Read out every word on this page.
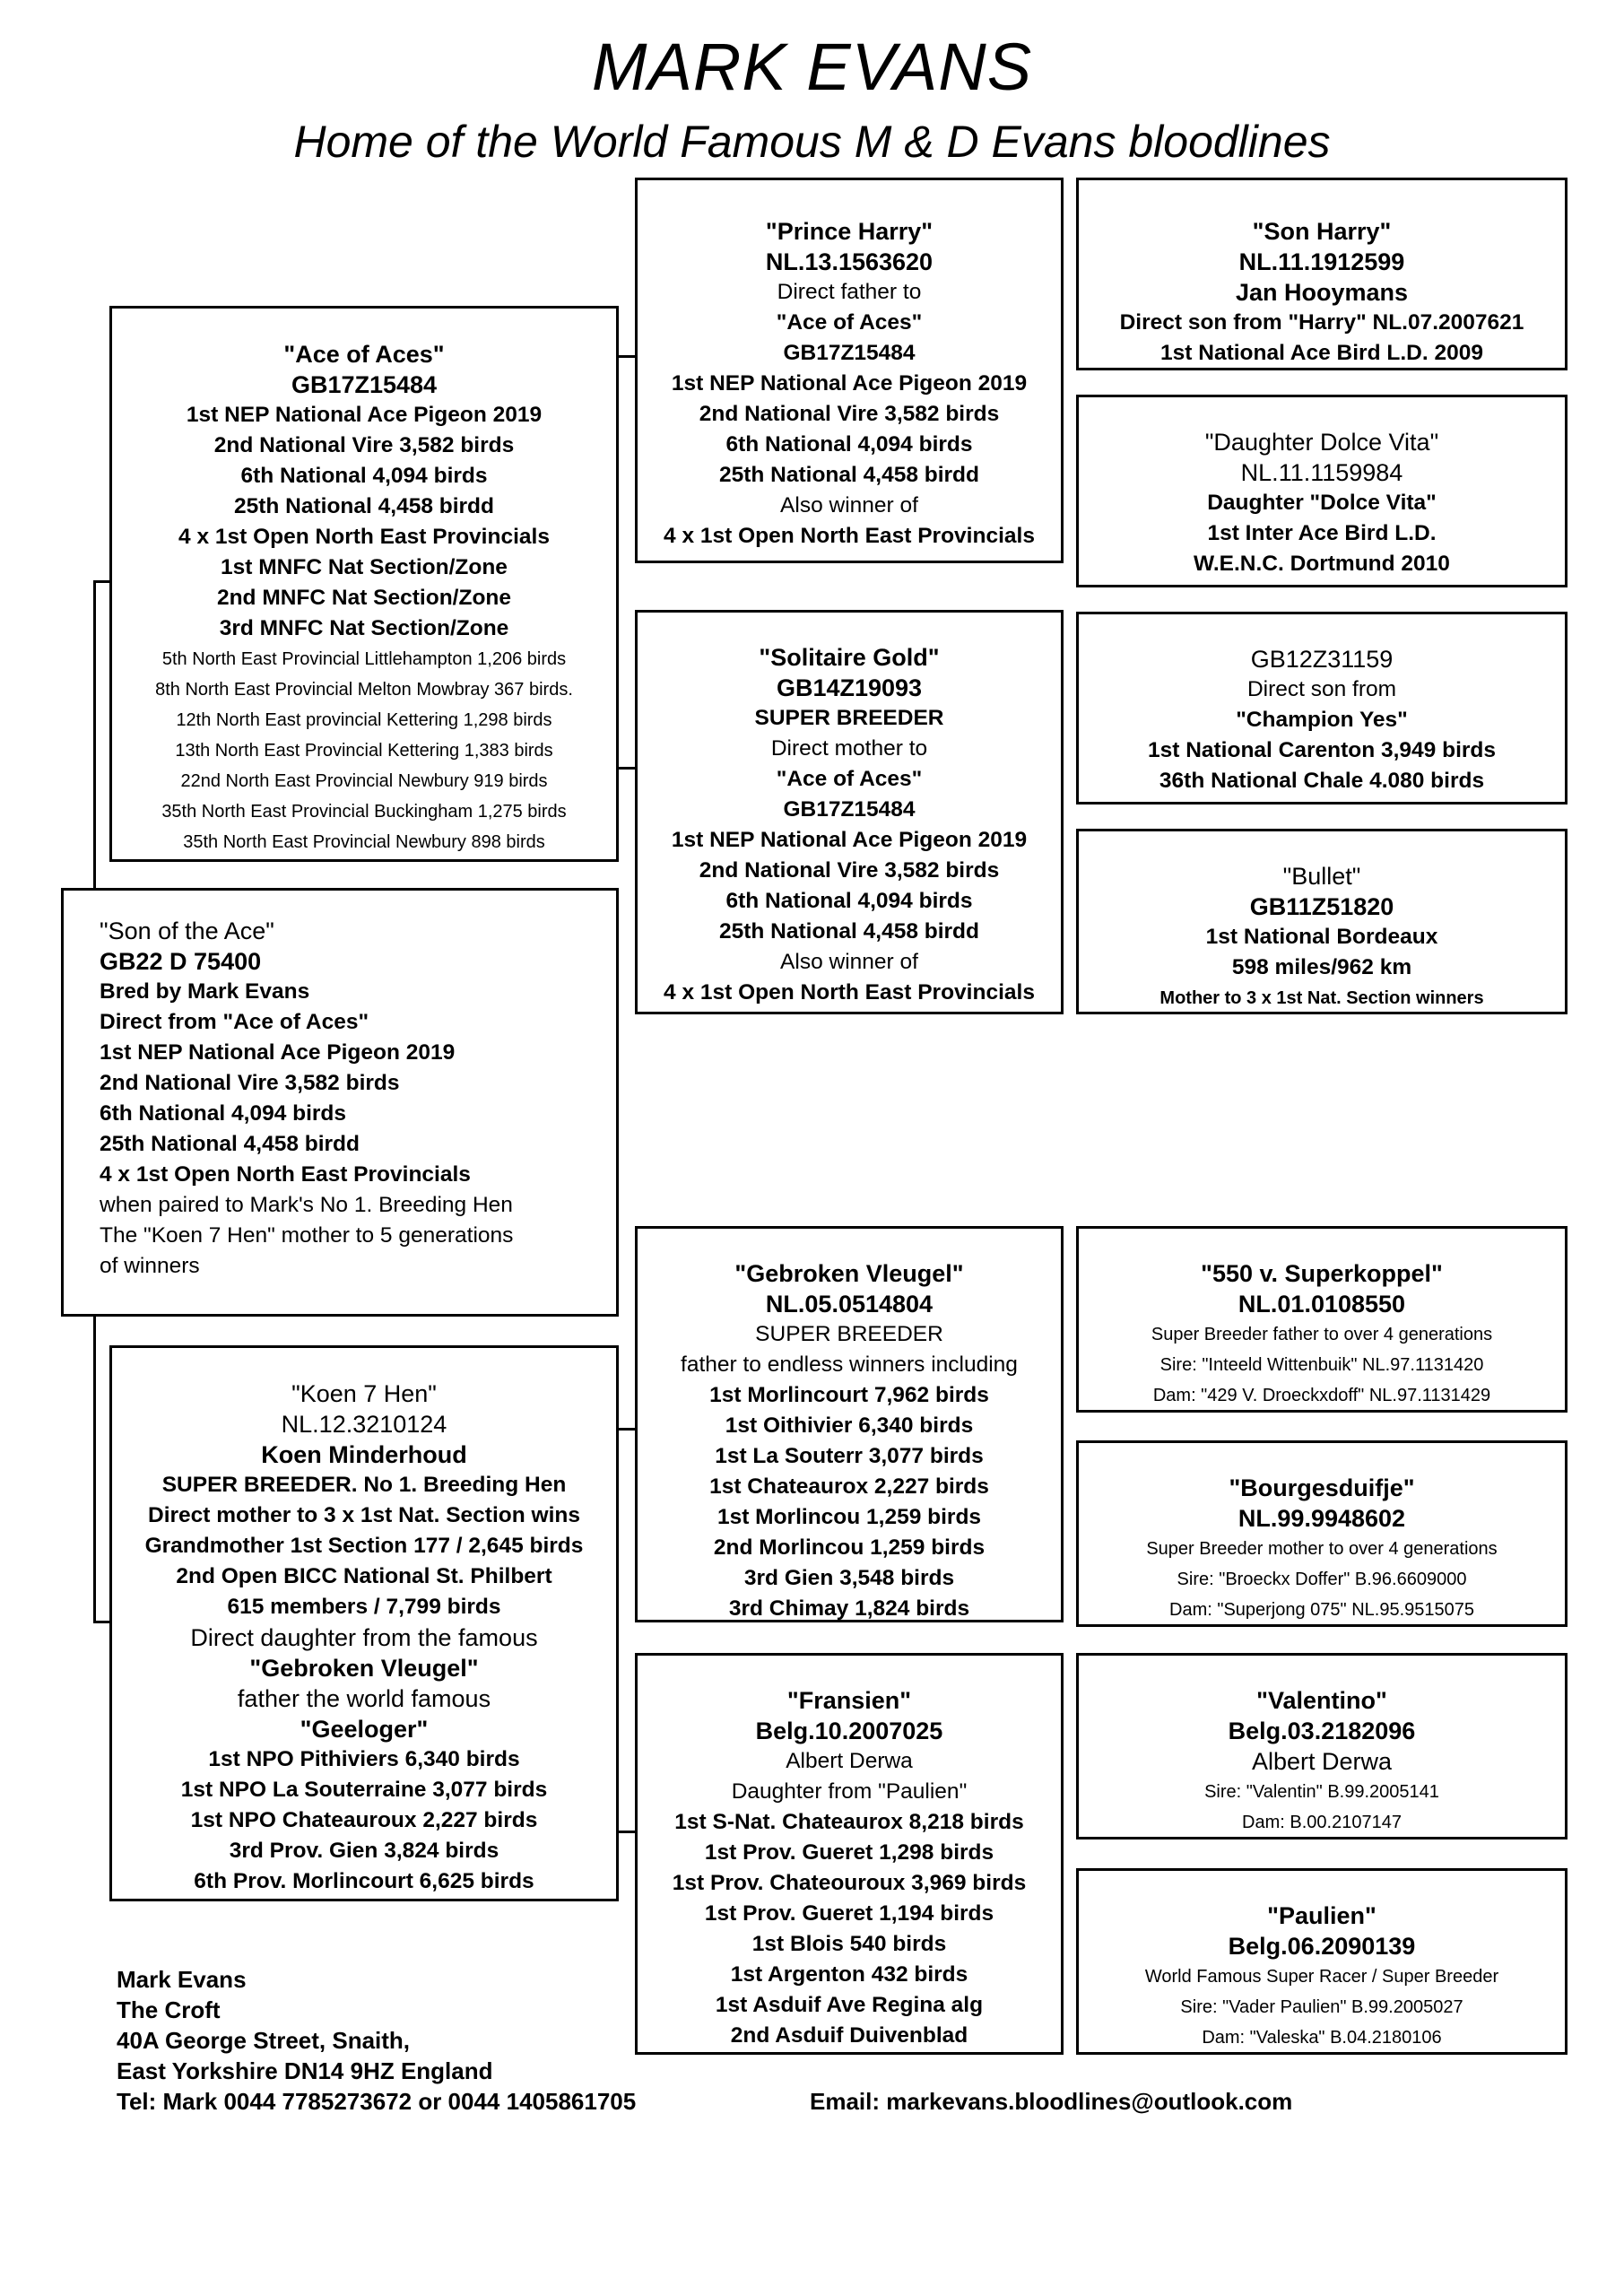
MARK EVANS
Home of the World Famous M & D Evans bloodlines
"Ace of Aces"
GB17Z15484
1st NEP National Ace Pigeon 2019
2nd National Vire 3,582 birds
6th National 4,094 birds
25th National 4,458 birdd
4 x 1st Open North East Provincials
1st MNFC Nat Section/Zone
2nd MNFC Nat Section/Zone
3rd MNFC Nat Section/Zone
5th North East Provincial Littlehampton 1,206 birds
8th North East Provincial Melton Mowbray 367 birds.
12th North East provincial Kettering 1,298 birds
13th North East Provincial Kettering 1,383 birds
22nd North East Provincial Newbury 919 birds
35th North East Provincial Buckingham 1,275 birds
35th North East Provincial Newbury 898 birds
"Son of the Ace"
GB22 D 75400
Bred by Mark Evans
Direct from "Ace of Aces"
1st NEP National Ace Pigeon 2019
2nd National Vire 3,582 birds
6th National 4,094 birds
25th National 4,458 birdd
4 x 1st Open North East Provincials
when paired to Mark's No 1. Breeding Hen
The "Koen 7 Hen" mother to 5 generations
of winners
"Koen 7 Hen"
NL.12.3210124
Koen Minderhoud
SUPER BREEDER. No 1. Breeding Hen
Direct mother to 3 x 1st Nat. Section wins
Grandmother 1st Section 177 / 2,645 birds
2nd Open BICC National St. Philbert
615 members / 7,799 birds
Direct daughter from the famous
"Gebroken Vleugel"
father the world famous
"Geeloger"
1st NPO Pithiviers 6,340 birds
1st NPO La Souterraine 3,077 birds
1st NPO Chateauroux 2,227 birds
3rd Prov. Gien 3,824 birds
6th Prov. Morlincourt 6,625 birds
"Prince Harry"
NL.13.1563620
Direct father to
"Ace of Aces"
GB17Z15484
1st NEP National Ace Pigeon 2019
2nd National Vire 3,582 birds
6th National 4,094 birds
25th National 4,458 birdd
Also winner of
4 x 1st Open North East Provincials
"Solitaire Gold"
GB14Z19093
SUPER BREEDER
Direct mother to
"Ace of Aces"
GB17Z15484
1st NEP National Ace Pigeon 2019
2nd National Vire 3,582 birds
6th National 4,094 birds
25th National 4,458 birdd
Also winner of
4 x 1st Open North East Provincials
"Gebroken Vleugel"
NL.05.0514804
SUPER BREEDER
father to endless winners including
1st Morlincourt 7,962 birds
1st Oithivier 6,340 birds
1st La Souterr 3,077 birds
1st Chateaurox 2,227 birds
1st Morlincou 1,259 birds
2nd Morlincou 1,259 birds
3rd Gien 3,548 birds
3rd Chimay 1,824 birds
"Fransien"
Belg.10.2007025
Albert Derwa
Daughter from "Paulien"
1st S-Nat. Chateaurox 8,218 birds
1st Prov. Gueret 1,298 birds
1st Prov. Chateouroux 3,969 birds
1st Prov. Gueret 1,194 birds
1st Blois 540 birds
1st Argenton 432 birds
1st Asduif Ave Regina alg
2nd Asduif Duivenblad
"Son Harry"
NL.11.1912599
Jan Hooymans
Direct son from "Harry" NL.07.2007621
1st National Ace Bird L.D. 2009
"Daughter Dolce Vita"
NL.11.1159984
Daughter "Dolce Vita"
1st Inter Ace Bird L.D.
W.E.N.C. Dortmund 2010
GB12Z31159
Direct son from
"Champion Yes"
1st National Carenton 3,949 birds
36th National Chale 4.080 birds
"Bullet"
GB11Z51820
1st National Bordeaux
598 miles/962 km
Mother to 3 x 1st Nat. Section winners
"550 v. Superkoppel"
NL.01.0108550
Super Breeder father to over 4 generations
Sire: "Inteeld Wittenbuik" NL.97.1131420
Dam: "429 V. Droeckxdoff" NL.97.1131429
"Bourgesduifje"
NL.99.9948602
Super Breeder mother to over 4 generations
Sire: "Broeckx Doffer" B.96.6609000
Dam: "Superjong 075" NL.95.9515075
"Valentino"
Belg.03.2182096
Albert Derwa
Sire: "Valentin" B.99.2005141
Dam: B.00.2107147
"Paulien"
Belg.06.2090139
World Famous Super Racer / Super Breeder
Sire: "Vader Paulien" B.99.2005027
Dam: "Valeska" B.04.2180106
Mark Evans
The Croft
40A George Street, Snaith,
East Yorkshire DN14 9HZ England
Tel: Mark 0044 7785273672 or 0044 1405861705	Email: markevans.bloodlines@outlook.com
